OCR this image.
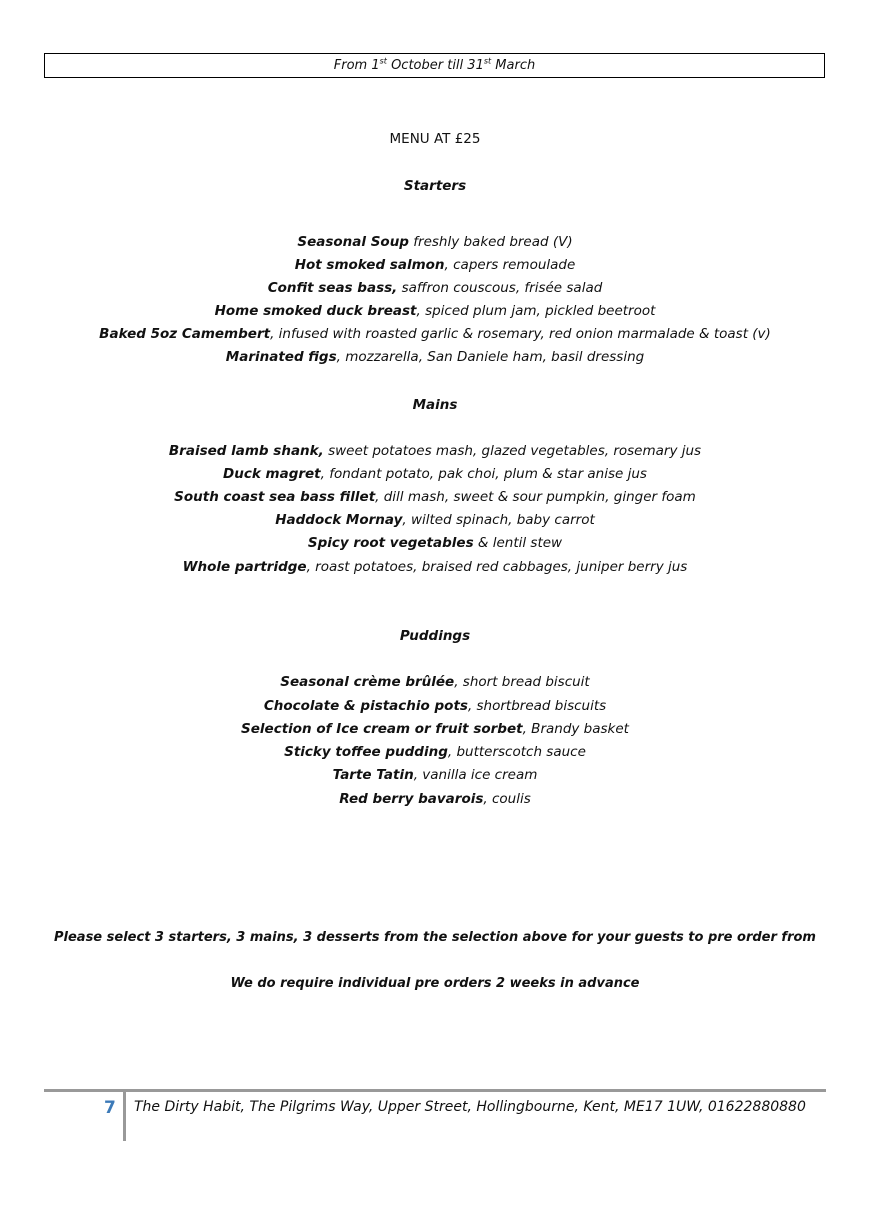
From 1st October till 31st March
MENU AT £25
Starters
Seasonal Soup freshly baked bread (V)
Hot smoked salmon, capers remoulade
Confit seas bass, saffron couscous, frisée salad
Home smoked duck breast, spiced plum jam, pickled beetroot
Baked 5oz Camembert, infused with roasted garlic & rosemary, red onion marmalade & toast (v)
Marinated figs, mozzarella, San Daniele ham, basil dressing
Mains
Braised lamb shank, sweet potatoes mash, glazed vegetables, rosemary jus
Duck magret, fondant potato, pak choi, plum & star anise jus
South coast sea bass fillet, dill mash, sweet & sour pumpkin, ginger foam
Haddock Mornay, wilted spinach, baby carrot
Spicy root vegetables & lentil stew
Whole partridge, roast potatoes, braised red cabbages, juniper berry jus
Puddings
Seasonal crème brûlée, short bread biscuit
Chocolate & pistachio pots, shortbread biscuits
Selection of Ice cream or fruit sorbet, Brandy basket
Sticky toffee pudding, butterscotch sauce
Tarte Tatin, vanilla ice cream
Red berry bavarois, coulis
Please select 3 starters, 3 mains, 3 desserts from the selection above for your guests to pre order from
We do require individual pre orders 2 weeks in advance
7 The Dirty Habit, The Pilgrims Way, Upper Street, Hollingbourne, Kent, ME17 1UW, 01622880880
